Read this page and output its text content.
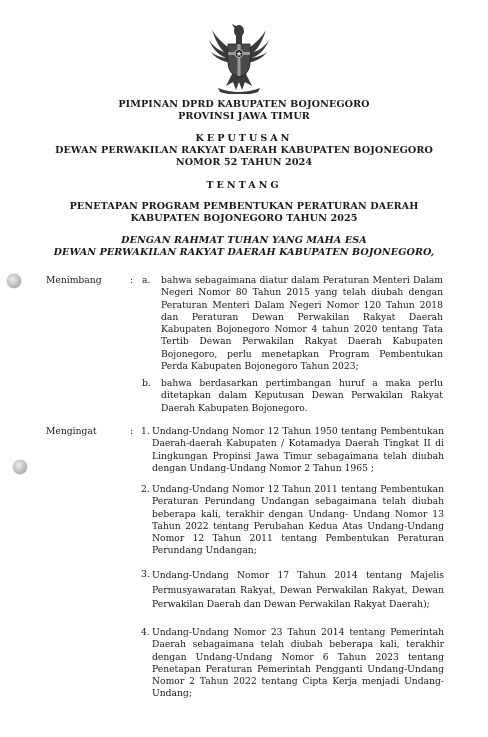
PIMPINAN DPRD KABUPATEN BOJONEGORO
PROVINSI JAWA TIMUR
KEPUTUSAN
DEWAN PERWAKILAN RAKYAT DAERAH KABUPATEN BOJONEGORO
NOMOR 52 TAHUN 2024
TENTANG
PENETAPAN PROGRAM PEMBENTUKAN PERATURAN DAERAH
KABUPATEN BOJONEGORO TAHUN 2025
DENGAN RAHMAT TUHAN YANG MAHA ESA
DEWAN PERWAKILAN RAKYAT DAERAH KABUPATEN BOJONEGORO,
Menimbang	: a. bahwa sebagaimana diatur dalam Peraturan Menteri Dalam Negeri Nomor 80 Tahun 2015 yang telah diubah dengan Peraturan Menteri Dalam Negeri Nomor 120 Tahun 2018 dan Peraturan Dewan Perwakilan Rakyat Daerah Kabupaten Bojonegoro Nomor 4 tahun 2020 tentang Tata Tertib Dewan Perwakilan Rakyat Daerah Kabupaten Bojonegoro, perlu menetapkan Program Pembentukan Perda Kabupaten Bojonegoro Tahun 2023;

b. bahwa berdasarkan pertimbangan huruf a maka perlu ditetapkan dalam Keputusan Dewan Perwakilan Rakyat Daerah Kabupaten Bojonegoro.

Mengingat	: 1. Undang-Undang Nomor 12 Tahun 1950 tentang Pembentukan Daerah-daerah Kabupaten / Kotamadya Daerah Tingkat II di Lingkungan Propinsi Jawa Timur sebagaimana telah diubah dengan Undang-Undang Nomor 2 Tahun 1965 ;

2. Undang-Undang Nomor 12 Tahun 2011 tentang Pembentukan Peraturan Perundang Undangan sebagaimana telah diubah beberapa kali, terakhir dengan Undang- Undang Nomor 13 Tahun 2022 tentang Perubahan Kedua Atas Undang-Undang Nomor 12 Tahun 2011 tentang Pembentukan Peraturan Perundang Undangan;

3. Undang-Undang Nomor 17 Tahun 2014 tentang Majelis Permusyawaratan Rakyat, Dewan Perwakilan Rakyat, Dewan Perwakilan Daerah dan Dewan Perwakilan Rakyat Daerah);

4. Undang-Undang Nomor 23 Tahun 2014 tentang Pemerintah Daerah sebagaimana telah diubah beberapa kali, terakhir dengan Undang-Undang Nomor 6 Tahun 2023 tentang Penetapan Peraturan Pemerintah Pengganti Undang-Undang Nomor 2 Tahun 2022 tentang Cipta Kerja menjadi Undang-Undang;
